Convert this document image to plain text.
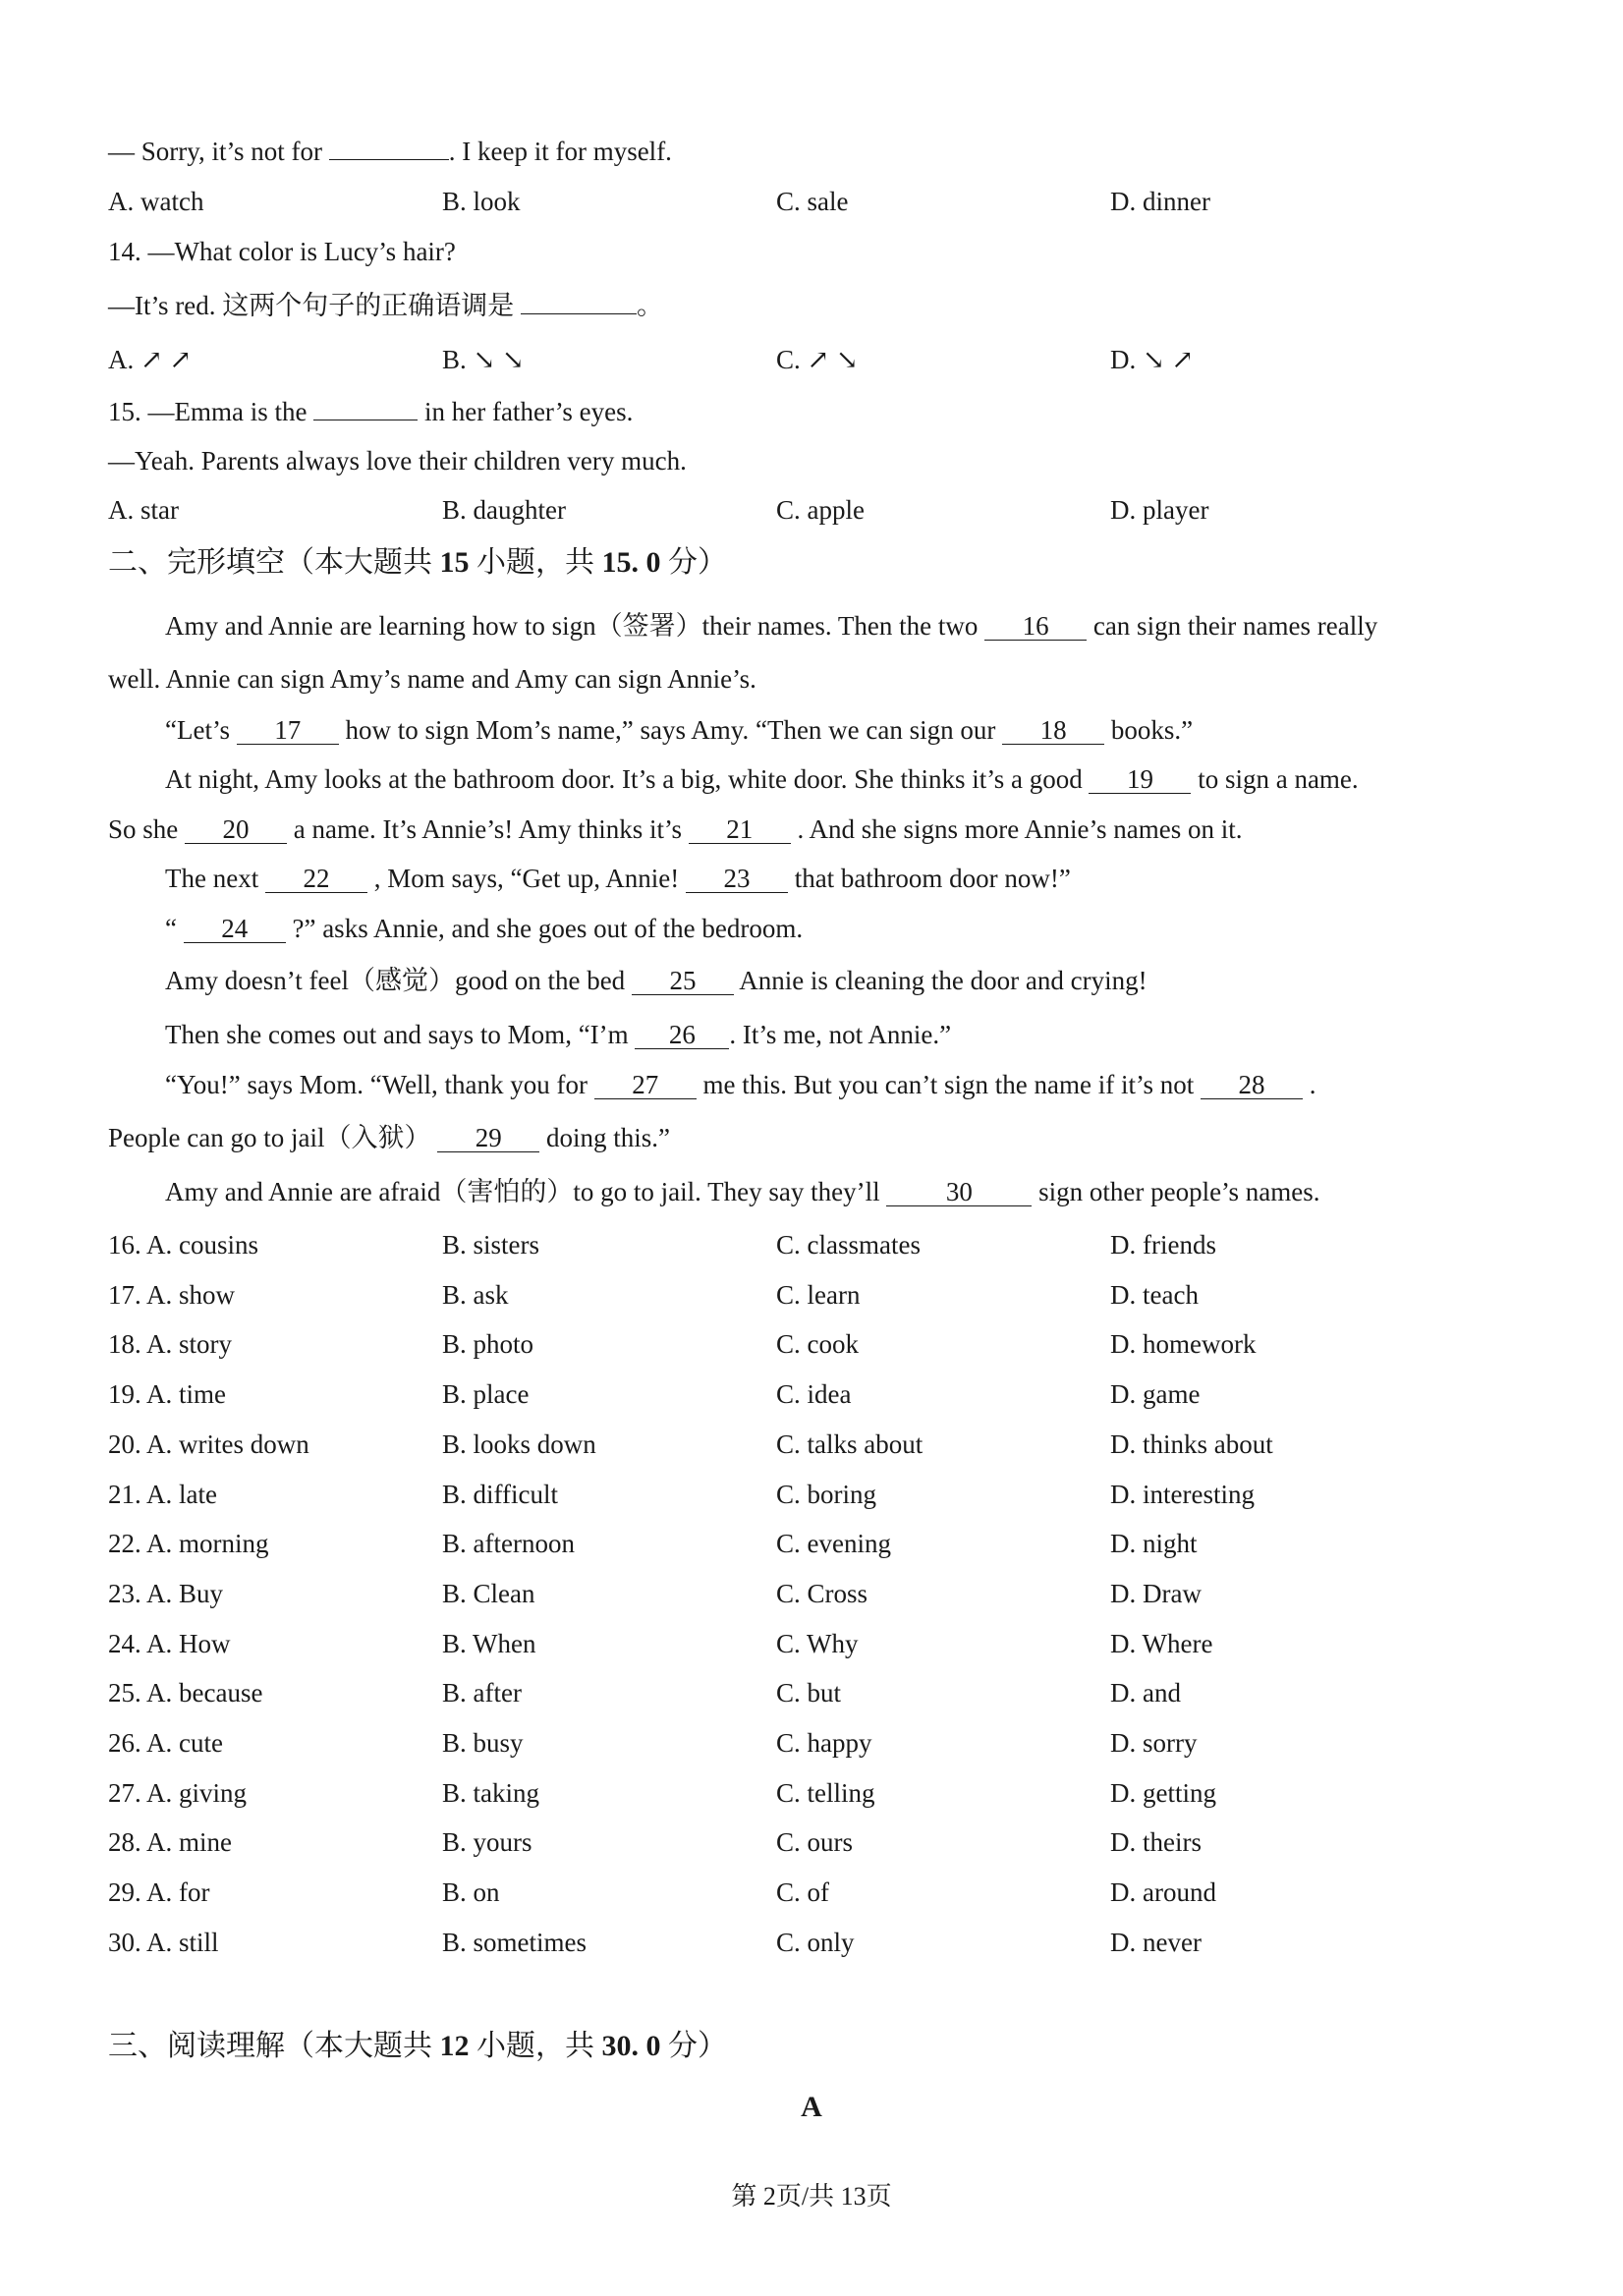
— Sorry, it’s not for	. I keep it for myself.
A. watch	B. look	C. sale	D. dinner
14. —What color is Lucy’s hair?
—It’s red. 这两个句子的正确语调是	。
A. ↗ ↗	B. ↘ ↘	C. ↗ ↘	D. ↘ ↗
15. —Emma is the	in her father’s eyes.
—Yeah. Parents always love their children very much.
A. star	B. daughter	C. apple	D. player
二、完形填空（本大题共 15 小题，共 15. 0 分）
Amy and Annie are learning how to sign（签署）their names. Then the two 16 can sign their names really
well. Annie can sign Amy’s name and Amy can sign Annie’s.
“Let’s 17 how to sign Mom’s name,” says Amy. “Then we can sign our 18 books.”
At night, Amy looks at the bathroom door. It’s a big, white door. She thinks it’s a good 19 to sign a name.
So she 20 a name. It’s Annie’s! Amy thinks it’s 21 . And she signs more Annie’s names on it.
The next 22 , Mom says, “Get up, Annie! 23 that bathroom door now!”
“ 24 ?” asks Annie, and she goes out of the bedroom.
Amy doesn’t feel（感觉）good on the bed 25 Annie is cleaning the door and crying!
Then she comes out and says to Mom, “I’m 26 . It’s me, not Annie.”
“You!” says Mom. “Well, thank you for 27 me this. But you can’t sign the name if it’s not 28 .
People can go to jail（入狱） 29 doing this.”
Amy and Annie are afraid（害怕的）to go to jail. They say they’ll 30 sign other people’s names.
16. A. cousins	B. sisters	C. classmates	D. friends
17. A. show	B. ask	C. learn	D. teach
18. A. story	B. photo	C. cook	D. homework
19. A. time	B. place	C. idea	D. game
20. A. writes down	B. looks down	C. talks about	D. thinks about
21. A. late	B. difficult	C. boring	D. interesting
22. A. morning	B. afternoon	C. evening	D. night
23. A. Buy	B. Clean	C. Cross	D. Draw
24. A. How	B. When	C. Why	D. Where
25. A. because	B. after	C. but	D. and
26. A. cute	B. busy	C. happy	D. sorry
27. A. giving	B. taking	C. telling	D. getting
28. A. mine	B. yours	C. ours	D. theirs
29. A. for	B. on	C. of	D. around
30. A. still	B. sometimes	C. only	D. never
三、阅读理解（本大题共 12 小题，共 30. 0 分）
A
第 2页/共 13页
